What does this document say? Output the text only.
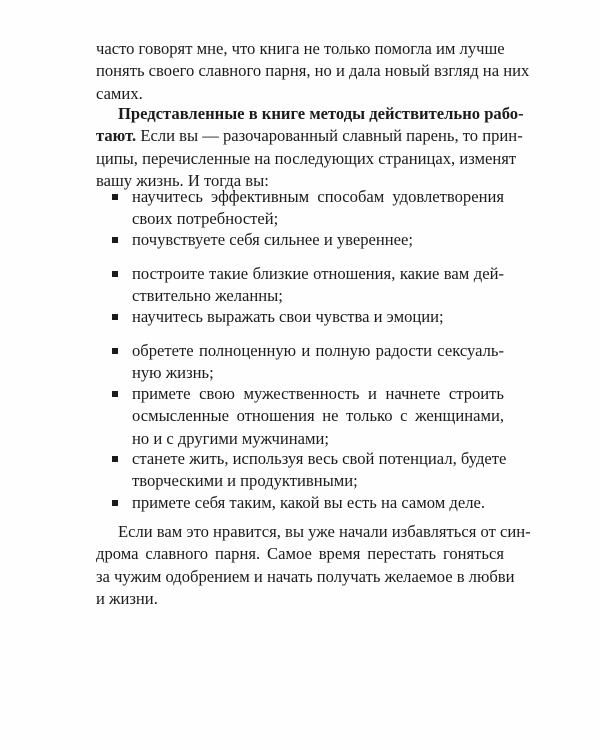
часто говорят мне, что книга не только помогла им лучше
понять своего славного парня, но и дала новый взгляд на них
самих.

Представленные в книге методы действительно рабо-
тают. Если вы — разочарованный славный парень, то прин-
ципы, перечисленные на последующих страницах, изменят
вашу жизнь. И тогда вы:

научитесь эффективным способам удовлетворения
своих потребностей;
почувствуете себя сильнее и увереннее;
построите такие близкие отношения, какие вам дей-
ствительно желанны;
научитесь выражать свои чувства и эмоции;
обретете полноценную и полную радости сексуаль-
ную жизнь;
примете свою мужественность и начнете строить
осмысленные отношения не только с женщинами,
но и с другими мужчинами;
станете жить, используя весь свой потенциал, будете
творческими и продуктивными;
примете себя таким, какой вы есть на самом деле.

Если вам это нравится, вы уже начали избавляться от син-
дрома славного парня. Самое время перестать гоняться
за чужим одобрением и начать получать желаемое в любви
и жизни.
